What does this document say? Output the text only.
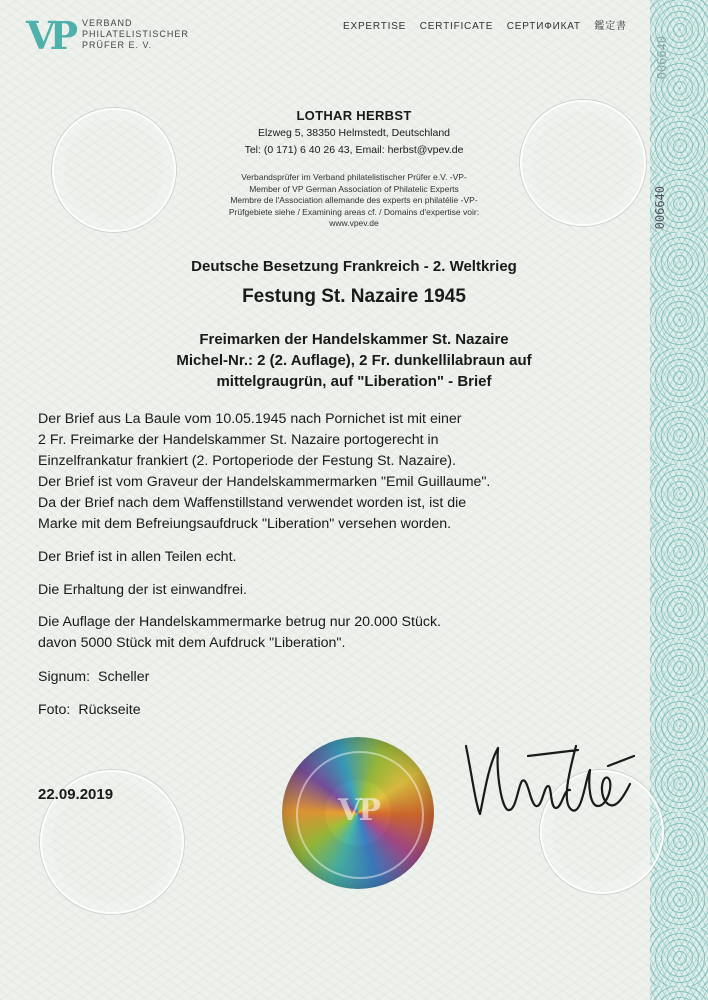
VP VERBAND
PHILATELISTISCHER
PRÜFER E. V.
EXPERTISE CERTIFICATE СЕРТИФИКАТ 鑑定書
006640
006640
LOTHAR HERBST
Elzweg 5, 38350 Helmstedt, Deutschland
Tel: (0 171) 6 40 26 43, Email: herbst@vpev.de
Verbandsprüfer im Verband philatelistischer Prüfer e.V. -VP-
Member of VP German Association of Philatelic Experts
Membre de l'Association allemande des experts en philatélie -VP-
Prüfgebiete siehe / Examining areas cf. / Domains d'expertise voir:
www.vpev.de
Deutsche Besetzung Frankreich - 2. Weltkrieg
Festung St. Nazaire 1945
Freimarken der Handelskammer St. Nazaire
Michel-Nr.: 2 (2. Auflage), 2 Fr. dunkellilabraun auf
mittelgraugrün, auf "Liberation" - Brief
Der Brief aus La Baule vom 10.05.1945 nach Pornichet ist mit einer
2 Fr. Freimarke der Handelskammer St. Nazaire portogerecht in
Einzelfrankatur frankiert (2. Portoperiode der Festung St. Nazaire).
Der Brief ist vom Graveur der Handelskammermarken "Emil Guillaume".
Da der Brief nach dem Waffenstillstand verwendet worden ist, ist die
Marke mit dem Befreiungsaufdruck "Liberation" versehen worden.
Der Brief ist in allen Teilen echt.
Die Erhaltung der ist einwandfrei.
Die Auflage der Handelskammermarke betrug nur 20.000 Stück.
davon 5000 Stück mit dem Aufdruck "Liberation".
Signum: Scheller
Foto: Rückseite
22.09.2019	VP
